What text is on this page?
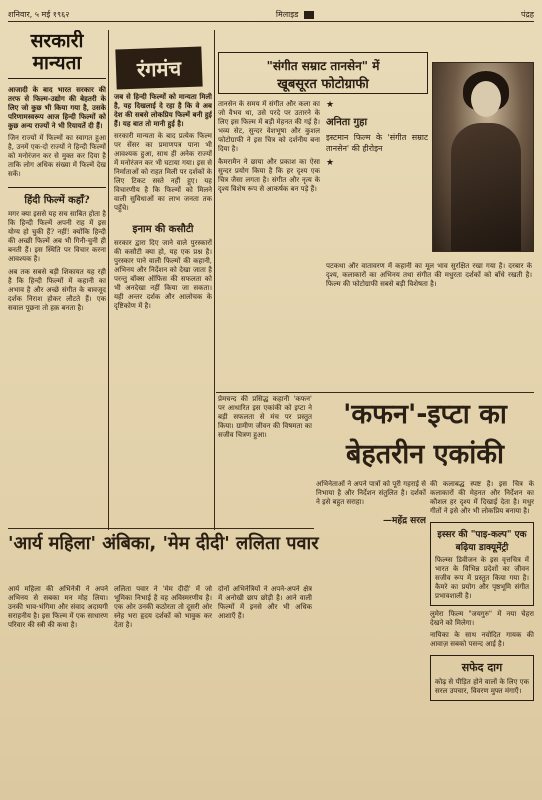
शनिवार, ५ मई १९६२	मिलाइड	पंद्रह
सरकारी
मान्यता

आजादी के बाद भारत सरकार की तरफ से फिल्म-उद्योग की बेहतरी के लिए जो कुछ भी किया गया है, उसके परिणामस्वरूप आज हिन्दी फिल्मों को कुछ अन्य राज्यों ने भी रियायतें दी हैं।

जिन राज्यों में फिल्मों का स्वागत हुआ है, उनमें एक-दो राज्यों ने हिन्दी फिल्मों को मनोरंजन कर से मुक्त कर दिया है ताकि लोग अधिक संख्या में फिल्में देख सकें।

हिंदी फिल्में कहाँ?

मगर क्या इससे यह सच साबित होता है कि हिन्दी फिल्में अपनी राह में इस योग्य हो चुकी हैं? नहीं! क्योंकि हिन्दी की अच्छी फिल्में अब भी गिनी-चुनी ही बनती हैं। इस स्थिति पर विचार करना आवश्यक है।

अब तक सबसे बड़ी शिकायत यह रही है कि हिन्दी फिल्मों में कहानी का अभाव है और अच्छे संगीत के बावजूद दर्शक निराश होकर लौटते हैं। एक सवाल पूछना तो हक़ बनता है।

रंगमंच

जब से हिन्दी फिल्मों को मान्यता मिली है, यह दिखलाई दे रहा है कि वे अब देश की सबसे लोकप्रिय फिल्में बनी हुई हैं। यह बात तो मानी हुई है।

सरकारी मान्यता के बाद प्रत्येक फिल्म पर सेंसर का प्रमाणपत्र पाना भी आवश्यक हुआ, साथ ही अनेक राज्यों में मनोरंजन कर भी घटाया गया। इस से निर्माताओं को राहत मिली पर दर्शकों के लिए टिकट सस्ते नहीं हुए। यह विचारणीय है कि फिल्मों को मिलने वाली सुविधाओं का लाभ जनता तक पहुँचे।

इनाम की कसौटी

सरकार द्वारा दिए जाने वाले पुरस्कारों की कसौटी क्या हो, यह एक प्रश्न है। पुरस्कार पाने वाली फिल्मों की कहानी, अभिनय और निर्देशन को देखा जाता है परन्तु बॉक्स ऑफिस की सफलता को भी अनदेखा नहीं किया जा सकता। यही अन्तर दर्शक और आलोचक के दृष्टिकोण में है।

"संगीत सम्राट तानसेन" में
खूबसूरत फोटोग्राफी

तानसेन के समय में संगीत और कला का जो वैभव था, उसे परदे पर उतारने के लिए इस फिल्म में बड़ी मेहनत की गई है। भव्य सेट, सुन्दर वेशभूषा और कुशल फोटोग्राफी ने इस चित्र को दर्शनीय बना दिया है।

कैमरामैन ने छाया और प्रकाश का ऐसा सुन्दर प्रयोग किया है कि हर दृश्य एक चित्र जैसा लगता है। संगीत और नृत्य के दृश्य विशेष रूप से आकर्षक बन पड़े हैं।

★
अनिता गुहा

इस्टमान फिल्म के 'संगीत सम्राट तानसेन' की हीरोइन

★

पटकथा और वातावरण में कहानी का मूल भाव सुरक्षित रखा गया है। दरबार के दृश्य, कलाकारों का अभिनय तथा संगीत की मधुरता दर्शकों को बाँधे रखती है। फिल्म की फोटोग्राफी सबसे बड़ी विशेषता है।

'कफन'-इप्टा का
बेहतरीन एकांकी

प्रेमचन्द की प्रसिद्ध कहानी 'कफन' पर आधारित इस एकांकी को इप्टा ने बड़ी सफलता से मंच पर प्रस्तुत किया। ग्रामीण जीवन की विषमता का सजीव चित्रण हुआ।

अभिनेताओं ने अपने पात्रों को पूरी गहराई से निभाया है और निर्देशन संतुलित है। दर्शकों ने इसे बहुत सराहा।

—महेंद्र सरल

की कलाबद्ध स्पष्ट है। इस चित्र के कलाकारों की मेहनत और निर्देशन का कौशल हर दृश्य में दिखाई देता है। मधुर गीतों ने इसे और भी लोकप्रिय बनाया है।

इस्सर की "पाइ-कल्प" एक बढ़िया डाक्यूमेंट्री

फिल्म्स डिवीजन के इस वृत्तचित्र में भारत के विभिन्न प्रदेशों का जीवन सजीव रूप में प्रस्तुत किया गया है। कैमरे का प्रयोग और पृष्ठभूमि संगीत प्रभावशाली है।

लुमेरा फिल्म "जयगुरु" में नया चेहरा देखने को मिलेगा।

नायिका के साथ नवोदित गायक की आवाज़ सबको पसन्द आई है।

सफेद दाग

कोढ़ से पीड़ित होने वालों के लिए एक सरल उपचार, विवरण मुफ्त मंगाएँ।

'आर्य महिला' अंबिका, 'मेम दीदी' ललिता पवार

आर्य महिला की अभिनेत्री ने अपने अभिनय से सबका मन मोह लिया। उनकी भाव-भंगिमा और संवाद अदायगी सराहनीय है। इस फिल्म में एक साधारण परिवार की स्त्री की कथा है।

ललिता पवार ने 'मेम दीदी' में जो भूमिका निभाई है वह अविस्मरणीय है। एक ओर उनकी कठोरता तो दूसरी ओर स्नेह भरा हृदय दर्शकों को भावुक कर देता है।

दोनों अभिनेत्रियों ने अपने-अपने क्षेत्र में अनोखी छाप छोड़ी है। आने वाली फिल्मों में इनसे और भी अधिक आशाएँ हैं।
